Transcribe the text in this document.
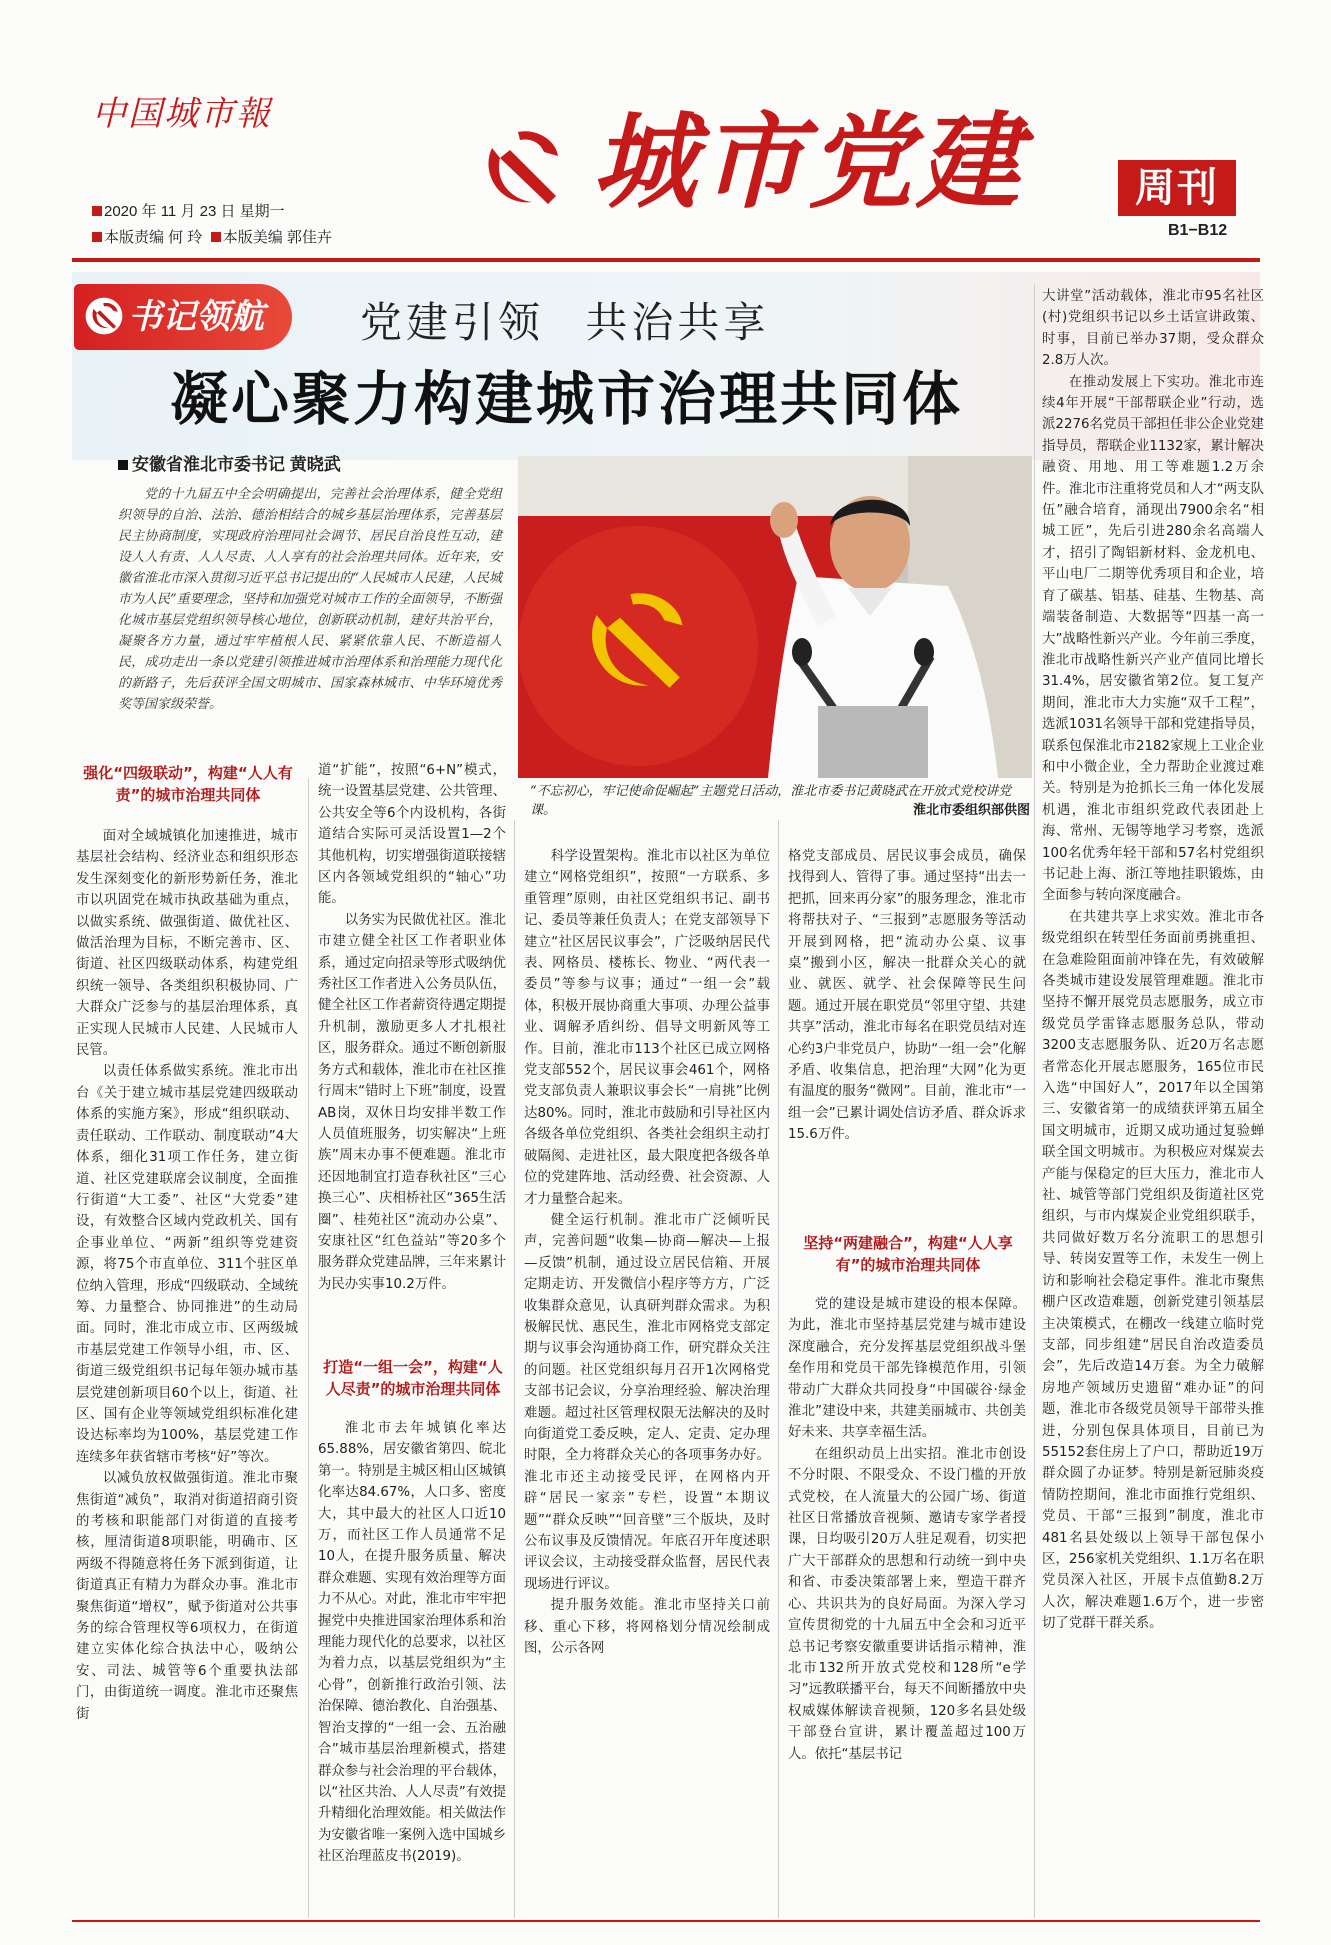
中国城市報	城市党建	周刊
B1−B12
2020 年 11 月 23 日 星期一
本版责编 何 玲 本版美编 郭佳卉
书记领航	党建引领 共治共享
凝心聚力构建城市治理共同体
安徽省淮北市委书记 黄晓武
党的十九届五中全会明确提出，完善社会治理体系，健全党组织领导的自治、法治、德治相结合的城乡基层治理体系，完善基层民主协商制度，实现政府治理同社会调节、居民自治良性互动，建设人人有责、人人尽责、人人享有的社会治理共同体。近年来，安徽省淮北市深入贯彻习近平总书记提出的“人民城市人民建，人民城市为人民”重要理念，坚持和加强党对城市工作的全面领导，不断强化城市基层党组织领导核心地位，创新联动机制，建好共治平台，凝聚各方力量，通过牢牢植根人民、紧紧依靠人民、不断造福人民，成功走出一条以党建引领推进城市治理体系和治理能力现代化的新路子，先后获评全国文明城市、国家森林城市、中华环境优秀奖等国家级荣誉。
“不忘初心，牢记使命促崛起”主题党日活动，淮北市委书记黄晓武在开放式党校讲党课。	淮北市委组织部供图
强化“四级联动”，构建“人人有责”的城市治理共同体

面对全域城镇化加速推进，城市基层社会结构、经济业态和组织形态发生深刻变化的新形势新任务，淮北市以巩固党在城市执政基础为重点，以做实系统、做强街道、做优社区、做活治理为目标，不断完善市、区、街道、社区四级联动体系，构建党组织统一领导、各类组织积极协同、广大群众广泛参与的基层治理体系，真正实现人民城市人民建、人民城市人民管。

以责任体系做实系统。淮北市出台《关于建立城市基层党建四级联动体系的实施方案》，形成“组织联动、责任联动、工作联动、制度联动”4大体系，细化31项工作任务，建立街道、社区党建联席会议制度，全面推行街道“大工委”、社区“大党委”建设，有效整合区域内党政机关、国有企事业单位、“两新”组织等党建资源，将75个市直单位、311个驻区单位纳入管理，形成“四级联动、全域统筹、力量整合、协同推进”的生动局面。同时，淮北市成立市、区两级城市基层党建工作领导小组，市、区、街道三级党组织书记每年领办城市基层党建创新项目60个以上，街道、社区、国有企业等领域党组织标准化建设达标率均为100%，基层党建工作连续多年获省辖市考核“好”等次。

以减负放权做强街道。淮北市聚焦街道“减负”，取消对街道招商引资的考核和职能部门对街道的直接考核，厘清街道8项职能，明确市、区两级不得随意将任务下派到街道，让街道真正有精力为群众办事。淮北市聚焦街道“增权”，赋予街道对公共事务的综合管理权等6项权力，在街道建立实体化综合执法中心，吸纳公安、司法、城管等6个重要执法部门，由街道统一调度。淮北市还聚焦街

道“扩能”，按照“6+N”模式，统一设置基层党建、公共管理、公共安全等6个内设机构，各街道结合实际可灵活设置1—2个其他机构，切实增强街道联接辖区内各领域党组织的“轴心”功能。

以务实为民做优社区。淮北市建立健全社区工作者职业体系，通过定向招录等形式吸纳优秀社区工作者进入公务员队伍，健全社区工作者薪资待遇定期提升机制，激励更多人才扎根社区，服务群众。通过不断创新服务方式和载体，淮北市在社区推行周末“错时上下班”制度，设置AB岗，双休日均安排半数工作人员值班服务，切实解决“上班族”周末办事不便难题。淮北市还因地制宜打造春秋社区“三心换三心”、庆相桥社区“365生活圈”、桂苑社区“流动办公桌”、安康社区“红色益站”等20多个服务群众党建品牌，三年来累计为民办实事10.2万件。

打造“一组一会”，构建“人人尽责”的城市治理共同体

淮北市去年城镇化率达65.88%，居安徽省第四、皖北第一。特别是主城区相山区城镇化率达84.67%，人口多、密度大，其中最大的社区人口近10万，而社区工作人员通常不足10人，在提升服务质量、解决群众难题、实现有效治理等方面力不从心。对此，淮北市牢牢把握党中央推进国家治理体系和治理能力现代化的总要求，以社区为着力点，以基层党组织为“主心骨”，创新推行政治引领、法治保障、德治教化、自治强基、智治支撑的“一组一会、五治融合”城市基层治理新模式，搭建群众参与社会治理的平台载体，以“社区共治、人人尽责”有效提升精细化治理效能。相关做法作为安徽省唯一案例入选中国城乡社区治理蓝皮书(2019)。

科学设置架构。淮北市以社区为单位建立“网格党组织”，按照“一方联系、多重管理”原则，由社区党组织书记、副书记、委员等兼任负责人；在党支部领导下建立“社区居民议事会”，广泛吸纳居民代表、网格员、楼栋长、物业、“两代表一委员”等参与议事；通过“一组一会”载体，积极开展协商重大事项、办理公益事业、调解矛盾纠纷、倡导文明新风等工作。目前，淮北市113个社区已成立网格党支部552个，居民议事会461个，网格党支部负责人兼职议事会长“一肩挑”比例达80%。同时，淮北市鼓励和引导社区内各级各单位党组织、各类社会组织主动打破隔阂、走进社区，最大限度把各级各单位的党建阵地、活动经费、社会资源、人才力量整合起来。

健全运行机制。淮北市广泛倾听民声，完善问题“收集—协商—解决—上报—反馈”机制，通过设立居民信箱、开展定期走访、开发微信小程序等方方，广泛收集群众意见，认真研判群众需求。为积极解民忧、惠民生，淮北市网格党支部定期与议事会沟通协商工作，研究群众关注的问题。社区党组织每月召开1次网格党支部书记会议，分享治理经验、解决治理难题。超过社区管理权限无法解决的及时向街道党工委反映，定人、定责、定办理时限，全力将群众关心的各项事务办好。淮北市还主动接受民评，在网格内开辟“居民一家亲”专栏，设置“本期议题”“群众反映”“回音壁”三个版块，及时公布议事及反馈情况。年底召开年度述职评议会议，主动接受群众监督，居民代表现场进行评议。

提升服务效能。淮北市坚持关口前移、重心下移，将网格划分情况绘制成图，公示各网

格党支部成员、居民议事会成员，确保找得到人、管得了事。通过坚持“出去一把抓，回来再分家”的服务理念，淮北市将帮扶对子、“三报到”志愿服务等活动开展到网格，把“流动办公桌、议事桌”搬到小区，解决一批群众关心的就业、就医、就学、社会保障等民生问题。通过开展在职党员“邻里守望、共建共享”活动，淮北市每名在职党员结对连心约3户非党员户，协助“一组一会”化解矛盾、收集信息，把治理“大网”化为更有温度的服务“微网”。目前，淮北市“一组一会”已累计调处信访矛盾、群众诉求15.6万件。

坚持“两建融合”，构建“人人享有”的城市治理共同体

党的建设是城市建设的根本保障。为此，淮北市坚持基层党建与城市建设深度融合，充分发挥基层党组织战斗堡垒作用和党员干部先锋模范作用，引领带动广大群众共同投身“中国碳谷·绿金淮北”建设中来，共建美丽城市、共创美好未来、共享幸福生活。

在组织动员上出实招。淮北市创设不分时限、不限受众、不设门槛的开放式党校，在人流量大的公园广场、街道社区日常播放音视频、邀请专家学者授课，日均吸引20万人驻足观看，切实把广大干部群众的思想和行动统一到中央和省、市委决策部署上来，塑造干群齐心、共识共为的良好局面。为深入学习宣传贯彻党的十九届五中全会和习近平总书记考察安徽重要讲话指示精神，淮北市132所开放式党校和128所“e学习”远教联播平台，每天不间断播放中央权威媒体解读音视频，120多名县处级干部登台宣讲，累计覆盖超过100万人。依托“基层书记

大讲堂”活动载体，淮北市95名社区(村)党组织书记以乡土话宣讲政策、时事，目前已举办37期，受众群众2.8万人次。

在推动发展上下实功。淮北市连续4年开展“干部帮联企业”行动，选派2276名党员干部担任非公企业党建指导员，帮联企业1132家，累计解决融资、用地、用工等难题1.2万余件。淮北市注重将党员和人才“两支队伍”融合培育，涌现出7900余名“相城工匠”，先后引进280余名高端人才，招引了陶铝新材料、金龙机电、平山电厂二期等优秀项目和企业，培育了碳基、铝基、硅基、生物基、高端装备制造、大数据等“四基一高一大”战略性新兴产业。今年前三季度，淮北市战略性新兴产业产值同比增长31.4%，居安徽省第2位。复工复产期间，淮北市大力实施“双千工程”，选派1031名领导干部和党建指导员，联系包保淮北市2182家规上工业企业和中小微企业，全力帮助企业渡过难关。特别是为抢抓长三角一体化发展机遇，淮北市组织党政代表团赴上海、常州、无锡等地学习考察，选派100名优秀年轻干部和57名村党组织书记赴上海、浙江等地挂职锻炼，由全面参与转向深度融合。

在共建共享上求实效。淮北市各级党组织在转型任务面前勇挑重担、在急难险阻面前冲锋在先，有效破解各类城市建设发展管理难题。淮北市坚持不懈开展党员志愿服务，成立市级党员学雷锋志愿服务总队，带动3200支志愿服务队、近20万名志愿者常态化开展志愿服务，165位市民入选“中国好人”，2017年以全国第三、安徽省第一的成绩获评第五届全国文明城市，近期又成功通过复验蝉联全国文明城市。为积极应对煤炭去产能与保稳定的巨大压力，淮北市人社、城管等部门党组织及街道社区党组织，与市内煤炭企业党组织联手，共同做好数万名分流职工的思想引导、转岗安置等工作，未发生一例上访和影响社会稳定事件。淮北市聚焦棚户区改造难题，创新党建引领基层主决策模式，在棚改一线建立临时党支部，同步组建“居民自治改造委员会”，先后改造14万套。为全力破解房地产领域历史遗留“难办证”的问题，淮北市各级党员领导干部带头推进，分别包保具体项目，目前已为55152套住房上了户口，帮助近19万群众圆了办证梦。特别是新冠肺炎疫情防控期间，淮北市面推行党组织、党员、干部“三报到”制度，淮北市481名县处级以上领导干部包保小区，256家机关党组织、1.1万名在职党员深入社区，开展卡点值勤8.2万人次，解决难题1.6万个，进一步密切了党群干群关系。
